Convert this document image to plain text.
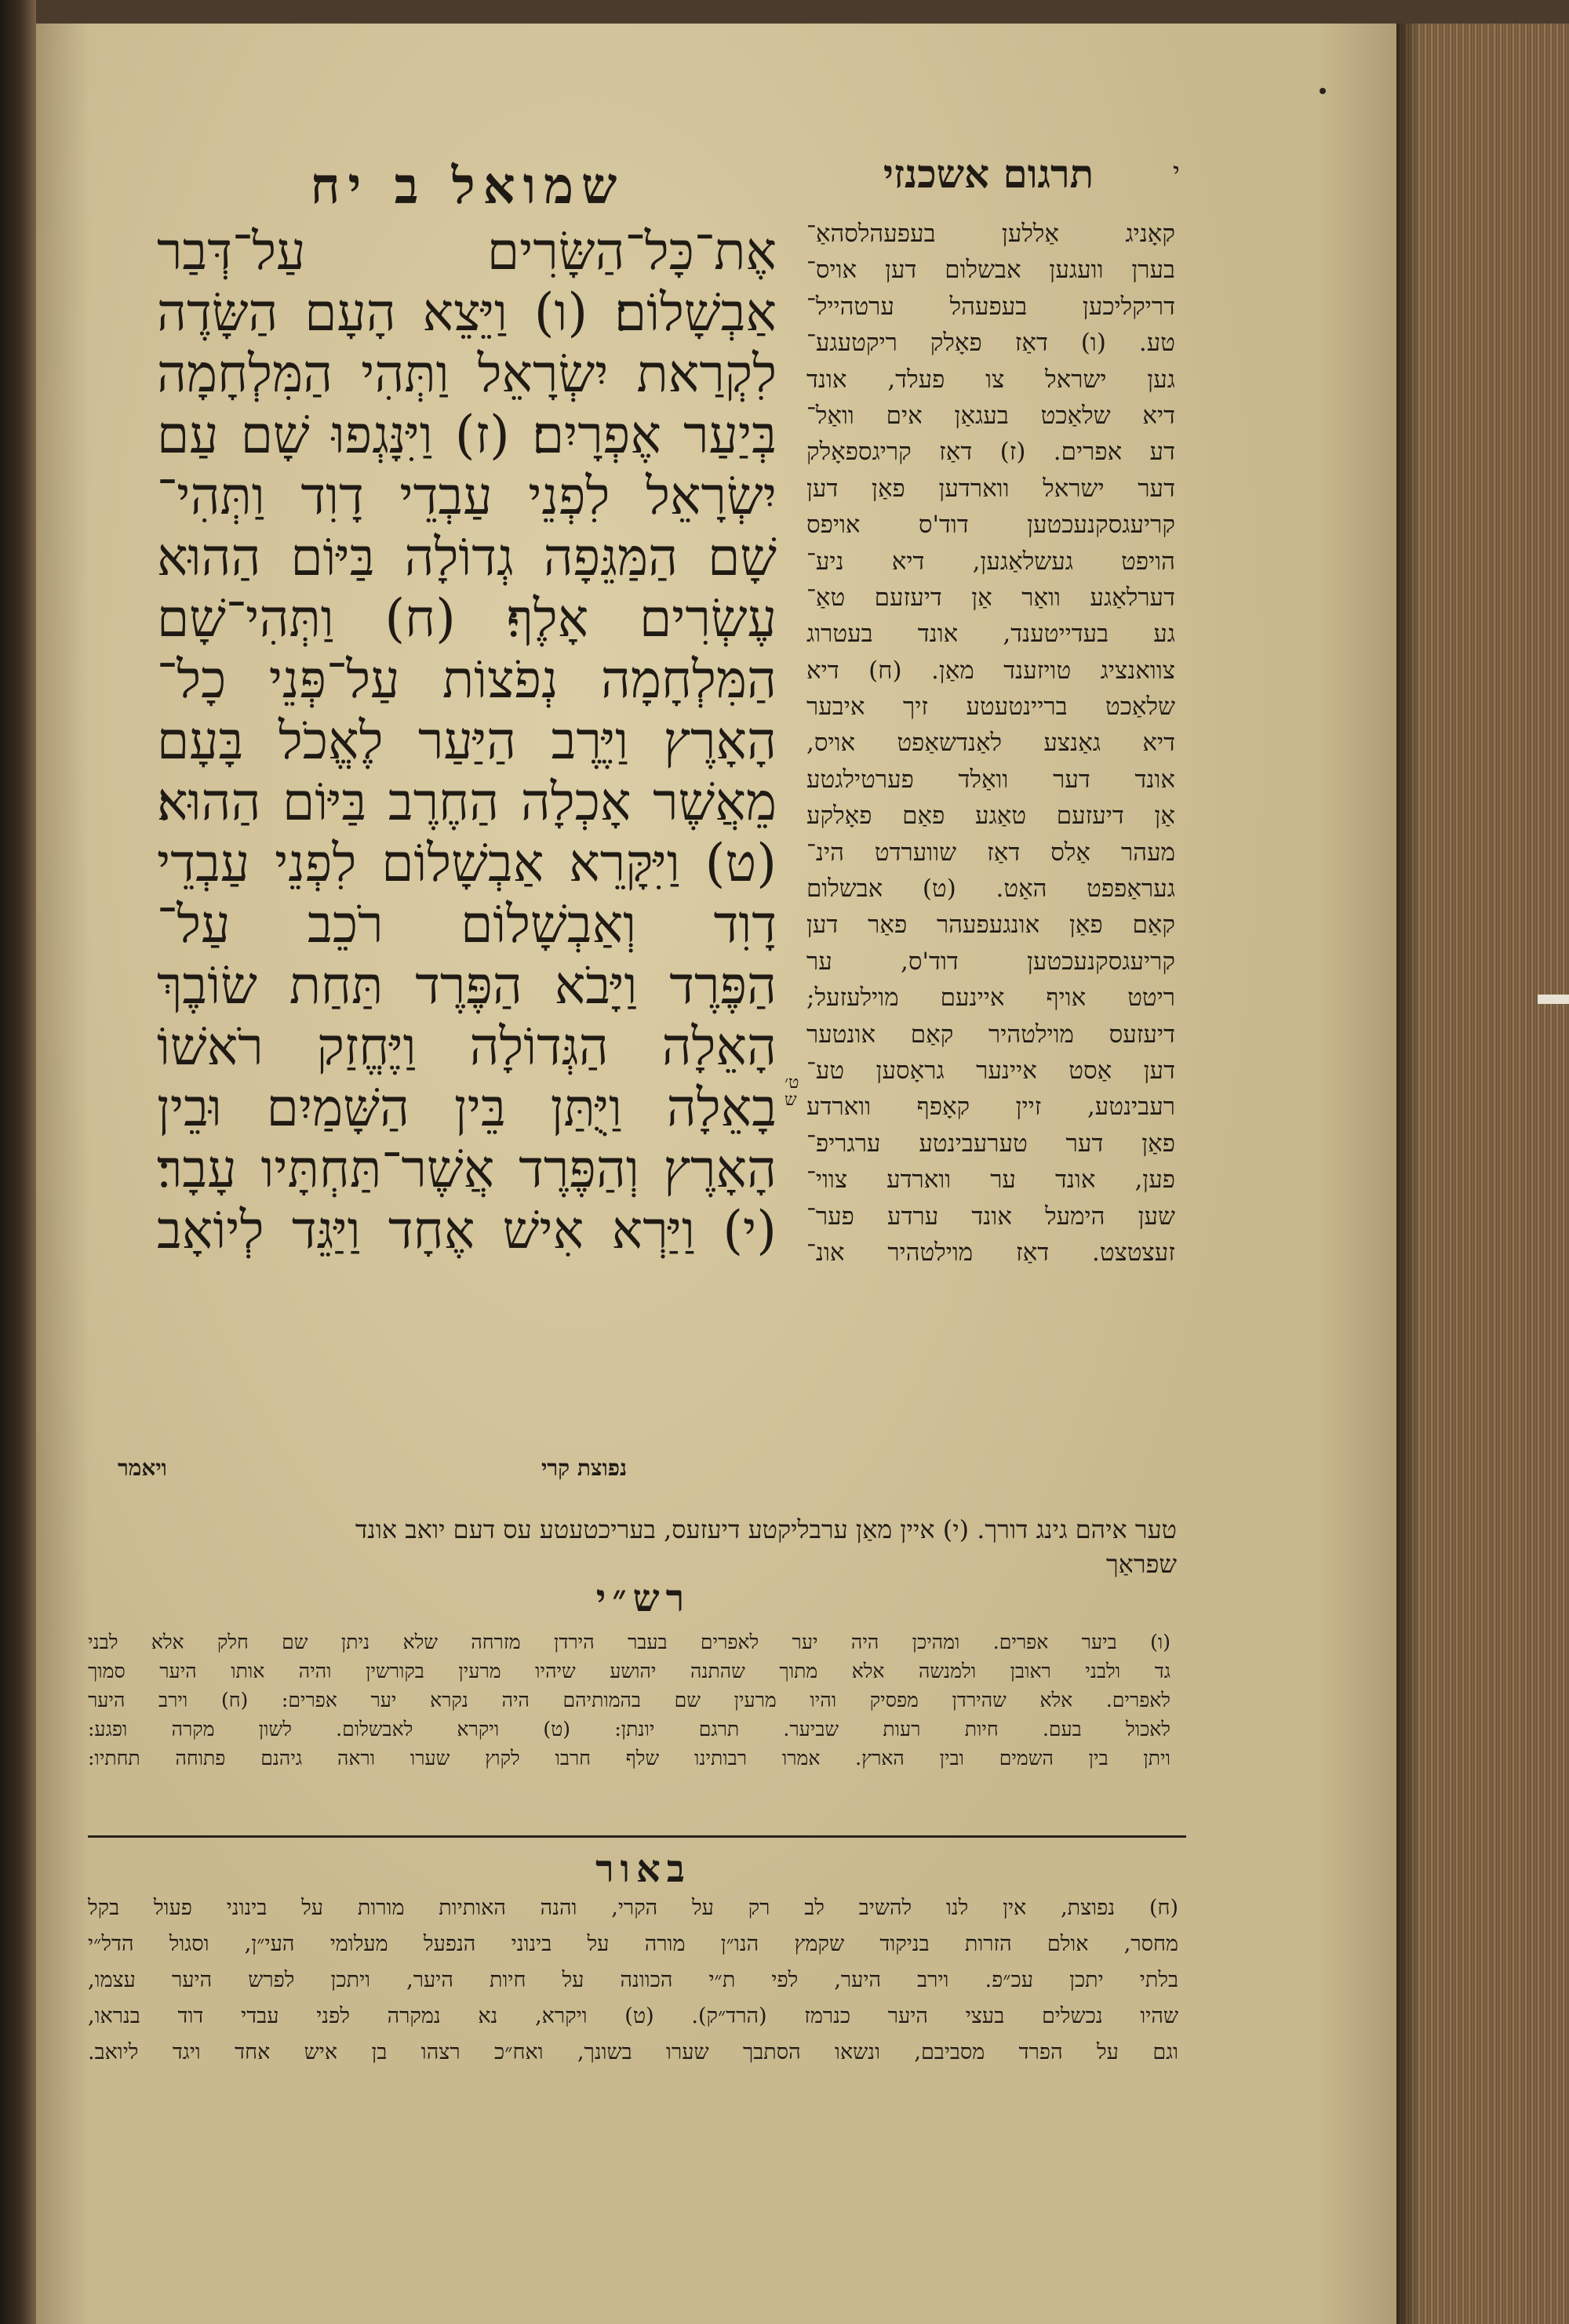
תרגום אשכנזי	י
שמואל ב יח
אֶת־כָּל־הַשָּׂרִים עַל־דְּבַר
אַבְשָׁלוֹם׃ (ו) וַיֵּצֵא הָעָם הַשָּׂדֶה
לִקְרַאת יִשְׂרָאֵל וַתְּהִי הַמִּלְחָמָה
בְּיַעַר אֶפְרָיִם׃ (ז) וַיִּנָּגְפוּ שָׁם עַם
יִשְׂרָאֵל לִפְנֵי עַבְדֵי דָוִד וַתְּהִי־
שָׁם הַמַּגֵּפָה גְדוֹלָה בַּיּוֹם הַהוּא
עֶשְׂרִים אָלֶף׃ (ח) וַתְּהִי־שָׁם
הַמִּלְחָמָה נְפֹצוֹת עַל־פְּנֵי כָל־
הָאָרֶץ וַיֶּרֶב הַיַּעַר לֶאֱכֹל בָּעָם
מֵאֲשֶׁר אָכְלָה הַחֶרֶב בַּיּוֹם הַהוּא׃
(ט) וַיִּקָּרֵא אַבְשָׁלוֹם לִפְנֵי עַבְדֵי
דָוִד וְאַבְשָׁלוֹם רֹכֵב עַל־
הַפֶּרֶד וַיָּבֹא הַפֶּרֶד תַּחַת שׂוֹבֶךְ
הָאֵלָה הַגְּדוֹלָה וַיֶּחֱזַק רֹאשׁוֹ
בָאֵלָה וַיֻּתַּן בֵּין הַשָּׁמַיִם וּבֵין
הָאָרֶץ וְהַפֶּרֶד אֲשֶׁר־תַּחְתָּיו עָבָר׃
(י) וַיַּרְא אִישׁ אֶחָד וַיַּגֵּד לְיוֹאָב
ט׳ ש
קאָניג אַללען בעפעהלסהאַ־
בערן וועגען אבשלום דען אויס־
דריקליכען בעפעהל ערטהייל־
טע. (ו) דאַז פאָלק ריקטעגע־
גען ישראל צו פעלד, אונד
דיא שלאַכט בעגאַן אים וואַל־
דע אפרים. (ז) דאַז קריגספאָלק
דער ישראל ווארדען פאַן דען
קריעגסקנעכטען דוד'ס אויפס
הויפט געשלאַגען, דיא ניע־
דערלאַגע וואַר אַן דיעזעם טאַ־
גע בעדייטענד, אונד בעטרוג
צוואנציג טויזענד מאַן. (ח) דיא
שלאַכט בריינטעטע זיך איבער
דיא גאַנצע לאַנדשאַפט אויס,
אונד דער וואַלד פערטילגטע
אַן דיעזעם טאַגע פאַם פאָלקע
מעהר אַלס דאַז שווערדט הינ־
געראַפפט האַט. (ט) אבשלום
קאַם פאַן אונגעפעהר פאַר דען
קריעגסקנעכטען דוד'ס, ער
ריטט אויף איינעם מוילעזעל;
דיעזעס מוילטהיר קאַם אונטער
דען אַסט איינער גראָסען טע־
רעבינטע, זיין קאָפף ווארדע
פאַן דער טערעבינטע ערגריפ־
פען, אונד ער ווארדע צווי־
שען הימעל אונד ערדע פער־
זעצטצט. דאַז מוילטהיר אונ־
ויאמר	נפוצת קרי
טער איהם גינג דורך. (י) איין מאַן ערבליקטע דיעזעס, בעריכטעטע עס דעם יואב אונד
שפראַך
רש״י
(ו) ביער אפרים. ומהיכן היה יער לאפרים בעבר הירדן מזרחה שלא ניתן שם חלק אלא לבני
גד ולבני ראובן ולמנשה אלא מתוך שהתנה יהושע שיהיו מרעין בקורשין והיה אותו היער סמוך
לאפרים. אלא שהירדן מפסיק והיו מרעין שם בהמותיהם היה נקרא יער אפרים: (ח) וירב היער
לאכול בעם. חיות רעות שביער. תרגם יונתן: (ט) ויקרא לאבשלום. לשון מקרה ופגע:
ויתן בין השמים ובין הארץ. אמרו רבותינו שלף חרבו לקוץ שערו וראה גיהנם פתוחה תחתיו:
באור
(ח) נפוצת, אין לנו להשיב לב רק על הקרי, והנה האותיות מורות על בינוני פעול בקל
מחסר, אולם הזרות בניקוד שקמץ הנו״ן מורה על בינוני הנפעל מעלומי העי״ן, וסגול הדל״י
בלתי יתכן עכ״פ. וירב היער, לפי ת״י הכוונה על חיות היער, ויתכן לפרש היער עצמו,
שהיו נכשלים בעצי היער כנרמז (הרד״ק). (ט) ויקרא, נא נמקרה לפני עבדי דוד בנראו,
וגם על הפרד מסביבם, ונשאו הסתבך שערו בשונך, ואח״כ רצהו בן איש אחד ויגד ליואב.
